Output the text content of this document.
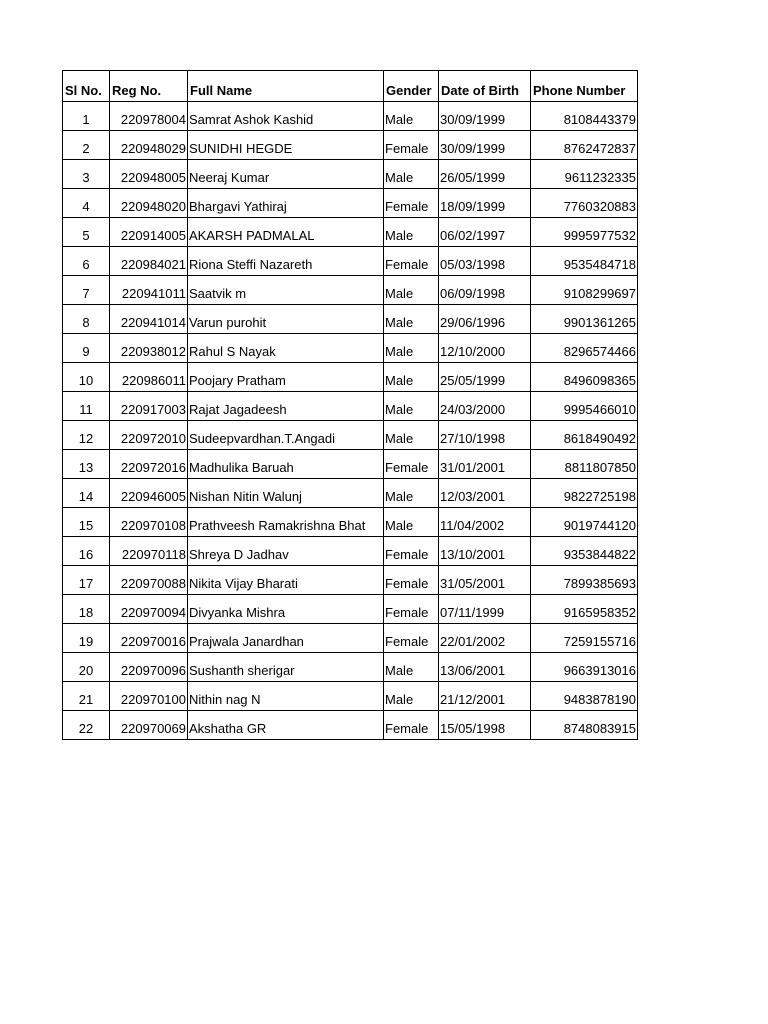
Sl No.	Reg No.	Full Name	Gender	Date of Birth	Phone Number
1	220978004	Samrat Ashok Kashid	Male	30/09/1999	8108443379
2	220948029	SUNIDHI HEGDE	Female	30/09/1999	8762472837
3	220948005	Neeraj Kumar	Male	26/05/1999	9611232335
4	220948020	Bhargavi Yathiraj	Female	18/09/1999	7760320883
5	220914005	AKARSH PADMALAL	Male	06/02/1997	9995977532
6	220984021	Riona Steffi Nazareth	Female	05/03/1998	9535484718
7	220941011	Saatvik m	Male	06/09/1998	9108299697
8	220941014	Varun purohit	Male	29/06/1996	9901361265
9	220938012	Rahul S Nayak	Male	12/10/2000	8296574466
10	220986011	Poojary Pratham	Male	25/05/1999	8496098365
11	220917003	Rajat Jagadeesh	Male	24/03/2000	9995466010
12	220972010	Sudeepvardhan.T.Angadi	Male	27/10/1998	8618490492
13	220972016	Madhulika Baruah	Female	31/01/2001	8811807850
14	220946005	Nishan Nitin Walunj	Male	12/03/2001	9822725198
15	220970108	Prathveesh Ramakrishna Bhat	Male	11/04/2002	9019744120
16	220970118	Shreya D Jadhav	Female	13/10/2001	9353844822
17	220970088	Nikita Vijay Bharati	Female	31/05/2001	7899385693
18	220970094	Divyanka Mishra	Female	07/11/1999	9165958352
19	220970016	Prajwala Janardhan	Female	22/01/2002	7259155716
20	220970096	Sushanth sherigar	Male	13/06/2001	9663913016
21	220970100	Nithin nag N	Male	21/12/2001	9483878190
22	220970069	Akshatha GR	Female	15/05/1998	8748083915
